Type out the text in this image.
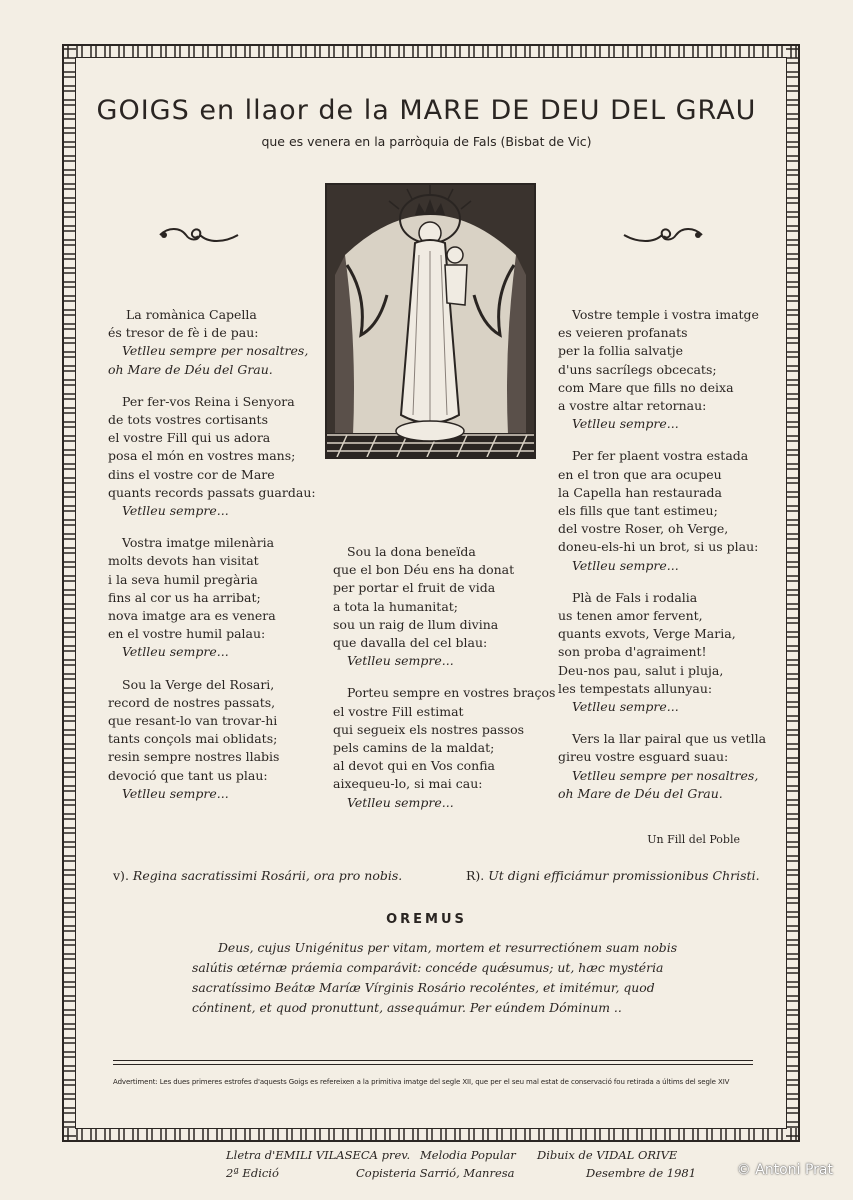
GOIGS en llaor de la MARE DE DEU DEL GRAU
que es venera en la parròquia de Fals (Bisbat de Vic)
La romànica Capella
és tresor de fè i de pau:
Vetlleu sempre per nosaltres,
oh Mare de Déu del Grau.
Per fer-vos Reina i Senyora
de tots vostres cortisants
el vostre Fill qui us adora
posa el món en vostres mans;
dins el vostre cor de Mare
quants records passats guardau:
Vetlleu sempre...
Vostra imatge milenària
molts devots han visitat
i la seva humil pregària
fins al cor us ha arribat;
nova imatge ara es venera
en el vostre humil palau:
Vetlleu sempre...
Sou la Verge del Rosari,
record de nostres passats,
que resant-lo van trovar-hi
tants conçols mai oblidats;
resin sempre nostres llabis
devoció que tant us plau:
Vetlleu sempre...
Sou la dona beneïda
que el bon Déu ens ha donat
per portar el fruit de vida
a tota la humanitat;
sou un raig de llum divina
que davalla del cel blau:
Vetlleu sempre...
Porteu sempre en vostres braços
el vostre Fill estimat
qui segueix els nostres passos
pels camins de la maldat;
al devot qui en Vos confia
aixequeu-lo, si mai cau:
Vetlleu sempre...
Vostre temple i vostra imatge
es veieren profanats
per la follia salvatje
d'uns sacrílegs obcecats;
com Mare que fills no deixa
a vostre altar retornau:
Vetlleu sempre...
Per fer plaent vostra estada
en el tron que ara ocupeu
la Capella han restaurada
els fills que tant estimeu;
del vostre Roser, oh Verge,
doneu-els-hi un brot, si us plau:
Vetlleu sempre...
Plà de Fals i rodalia
us tenen amor fervent,
quants exvots, Verge Maria,
son proba d'agraiment!
Deu-nos pau, salut i pluja,
les tempestats allunyau:
Vetlleu sempre...
Vers la llar pairal que us vetlla
gireu vostre esguard suau:
Vetlleu sempre per nosaltres,
oh Mare de Déu del Grau.
Un Fill del Poble
v). Regina sacratissimi Rosárii, ora pro nobis.	R). Ut digni efficiámur promissionibus Christi.
OREMUS
Deus, cujus Unigénitus per vitam, mortem et resurrectiónem suam nobis
salútis œtérnæ práemia comparávit: concéde quǽsumus; ut, hæc mystéria
sacratíssimo Beátæ Maríæ Vírginis Rosário recoléntes, et imitémur, quod
cóntinent, et quod pronuttunt, assequámur. Per eúndem Dóminum ..
Advertiment: Les dues primeres estrofes d'aquests Goigs es refereixen a la primitiva imatge del segle XII, que per el seu mal estat de conservació fou retirada a últims del segle XIV
Lletra d'EMILI VILASECA prev.
2ª Edició
Melodia Popular
Copisteria Sarrió, Manresa
Dibuix de VIDAL ORIVE
Desembre de 1981	© Antoni Prat
